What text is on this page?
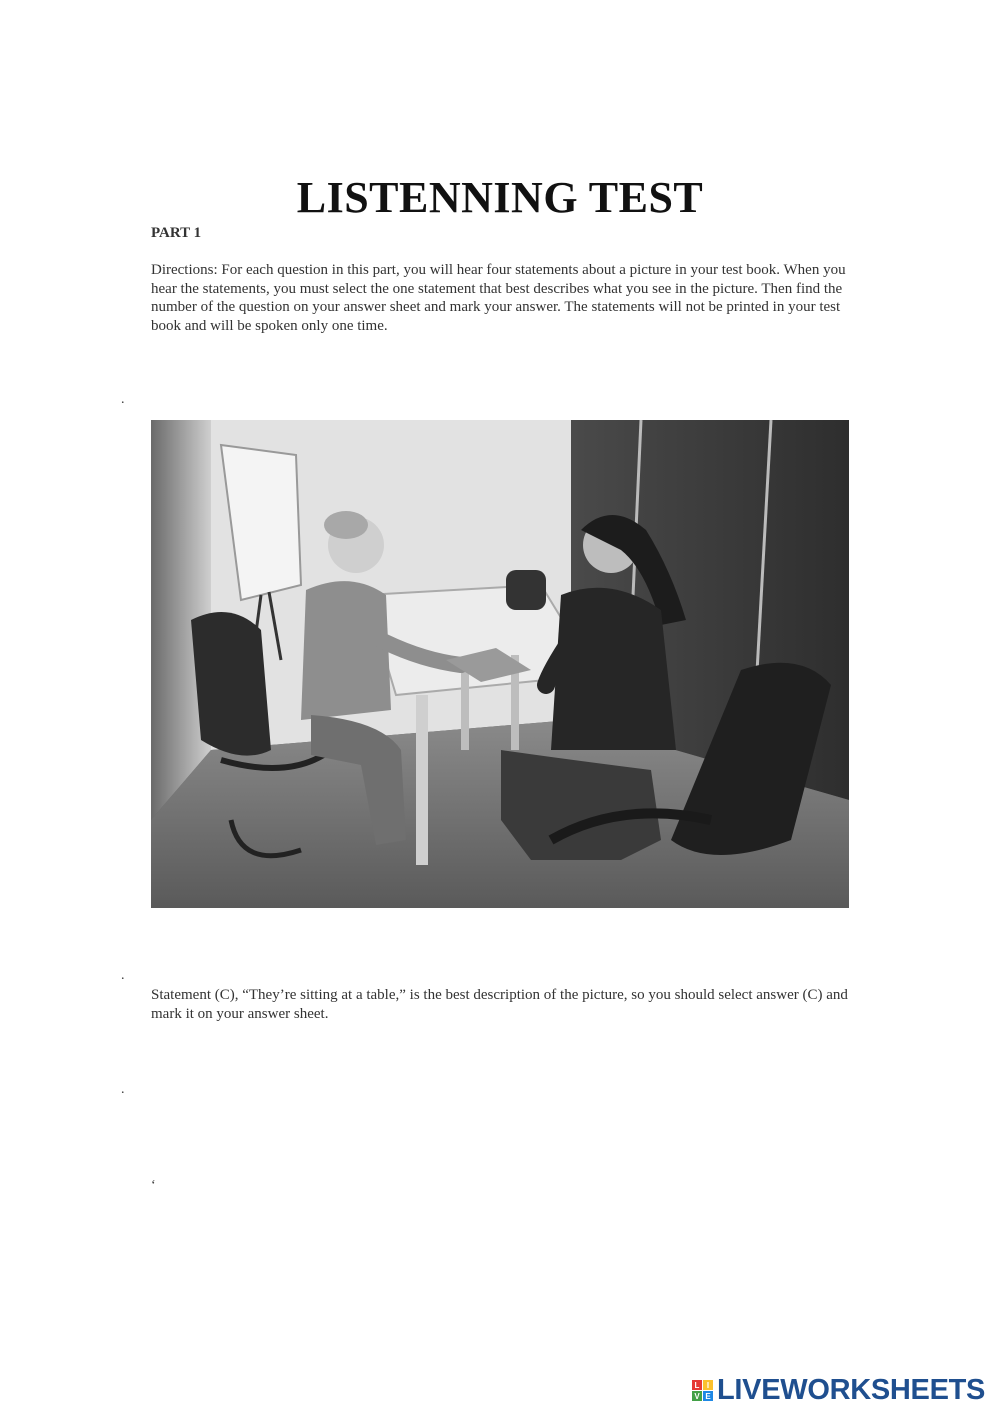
LISTENNING TEST
PART 1
Directions: For each question in this part, you will hear four statements about a picture in your test book. When you hear the statements, you must select the one statement that best describes what you see in the picture. Then find the number of the question on your answer sheet and mark your answer. The statements will not be printed in your test book and will be spoken only one time.
.
.
Statement (C), “They’re sitting at a table,” is the best description of the picture, so you should select answer (C) and mark it on your answer sheet.
.
‘
L I
V E LIVEWORKSHEETS
